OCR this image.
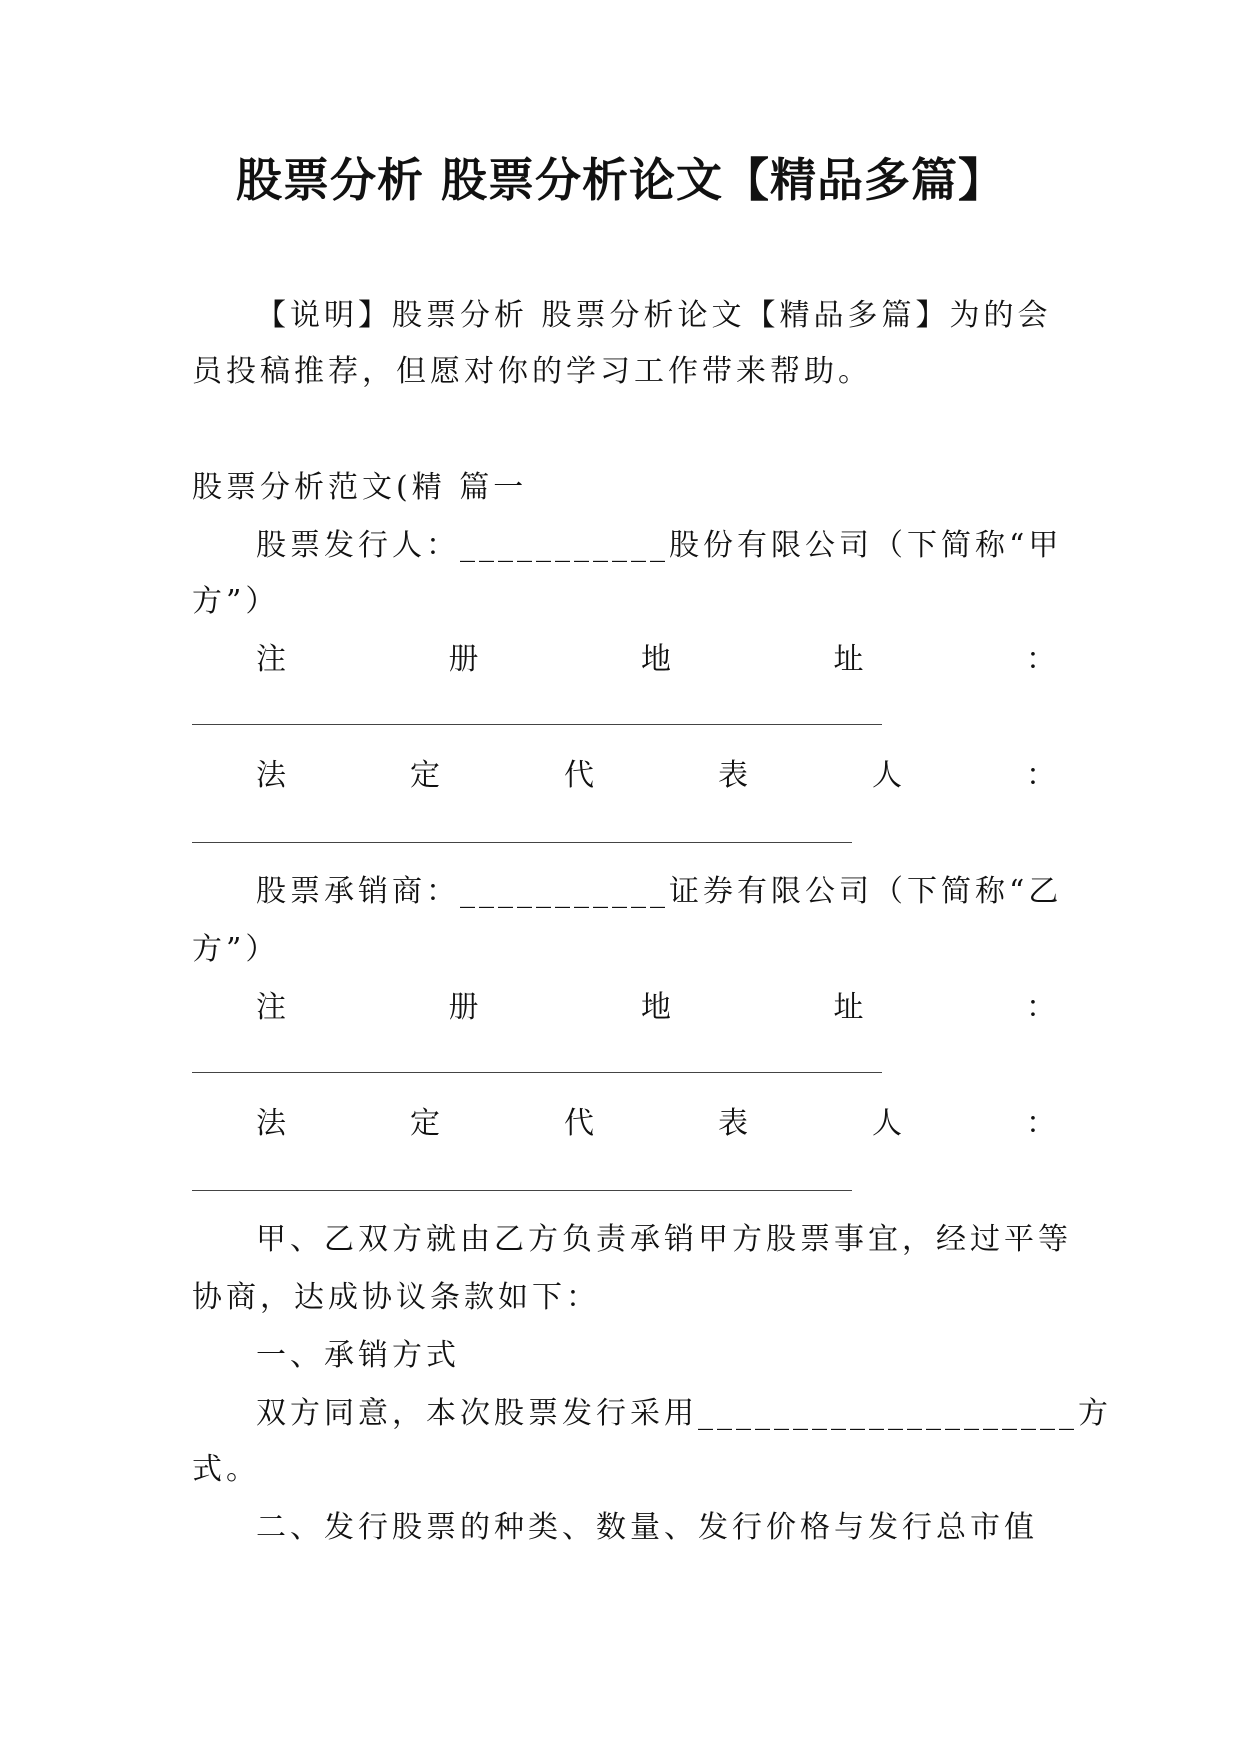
股票分析 股票分析论文【精品多篇】
【说明】股票分析 股票分析论文【精品多篇】为的会
员投稿推荐，但愿对你的学习工作带来帮助。
股票分析范文(精 篇一
股票发行人：___________股份有限公司（下简称“甲
方”）
注	册	地	址	：
法	定	代	表	人	：
股票承销商：___________证券有限公司（下简称“乙
方”）
注	册	地	址	：
法	定	代	表	人	：
甲、乙双方就由乙方负责承销甲方股票事宜，经过平等
协商，达成协议条款如下：
一、承销方式
双方同意，本次股票发行采用____________________方
式。
二、发行股票的种类、数量、发行价格与发行总市值
